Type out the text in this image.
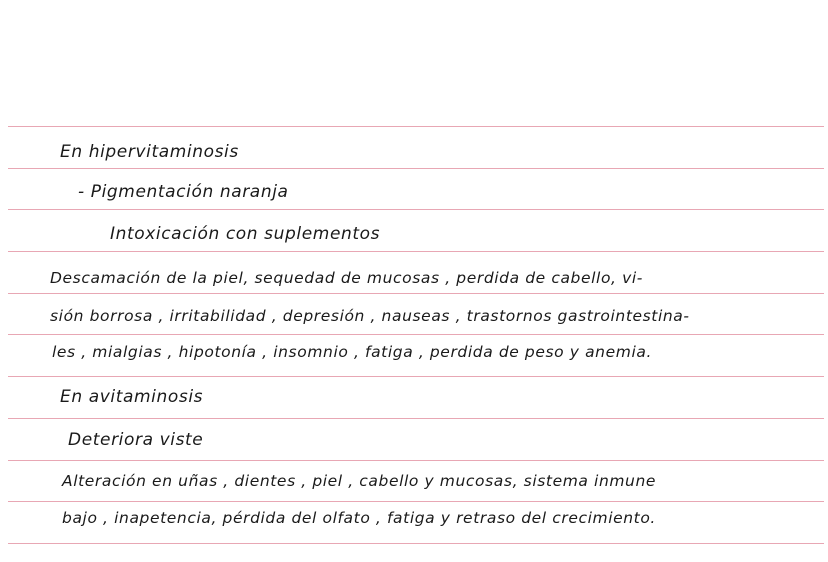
En hipervitaminosis
- Pigmentación naranja
Intoxicación con suplementos
Descamación de la piel, sequedad de mucosas , perdida de cabello, vi-
sión borrosa , irritabilidad , depresión , nauseas , trastornos gastrointestina-
les , mialgias , hipotonía , insomnio , fatiga , perdida de peso y anemia.
En avitaminosis
Deteriora viste
Alteración en uñas , dientes , piel , cabello y mucosas, sistema inmune
bajo , inapetencia, pérdida del olfato , fatiga y retraso del crecimiento.
